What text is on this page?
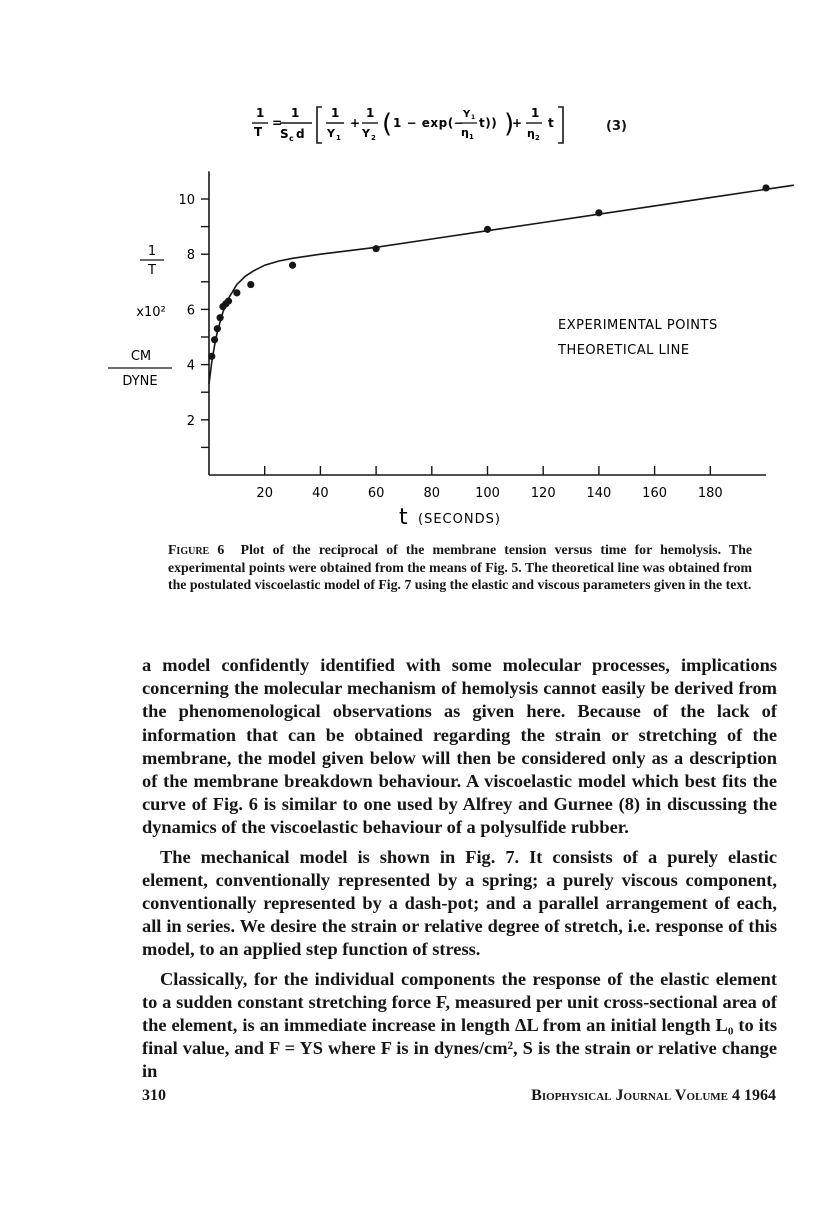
1
T
=
1
S c d
1
Y 1
+
1
Y 2 ( 1 − exp(−
Y 1
η 1
t)) )
+
1
η 2
t	(3)
20	40	60	80	100 120 140 160 180
2
4
6
8
10
1
T
x10²
CM
DYNE
t (SECONDS)
EXPERIMENTAL POINTS
THEORETICAL LINE
Figure 6 Plot of the reciprocal of the membrane tension versus time for hemolysis. The experimental points were obtained from the means of Fig. 5. The theoretical line was obtained from the postulated viscoelastic model of Fig. 7 using the elastic and viscous parameters given in the text.

a model confidently identified with some molecular processes, implications concerning the molecular mechanism of hemolysis cannot easily be derived from the phenomenological observations as given here. Because of the lack of information that can be obtained regarding the strain or stretching of the membrane, the model given below will then be considered only as a description of the membrane breakdown behaviour. A viscoelastic model which best fits the curve of Fig. 6 is similar to one used by Alfrey and Gurnee (8) in discussing the dynamics of the viscoelastic behaviour of a polysulfide rubber.

The mechanical model is shown in Fig. 7. It consists of a purely elastic element, conventionally represented by a spring; a purely viscous component, conventionally represented by a dash-pot; and a parallel arrangement of each, all in series. We desire the strain or relative degree of stretch, i.e. response of this model, to an applied step function of stress.

Classically, for the individual components the response of the elastic element to a sudden constant stretching force F, measured per unit cross-sectional area of the element, is an immediate increase in length ΔL from an initial length L₀ to its final value, and F = YS where F is in dynes/cm², S is the strain or relative change in

310	Biophysical Journal Volume 4 1964
